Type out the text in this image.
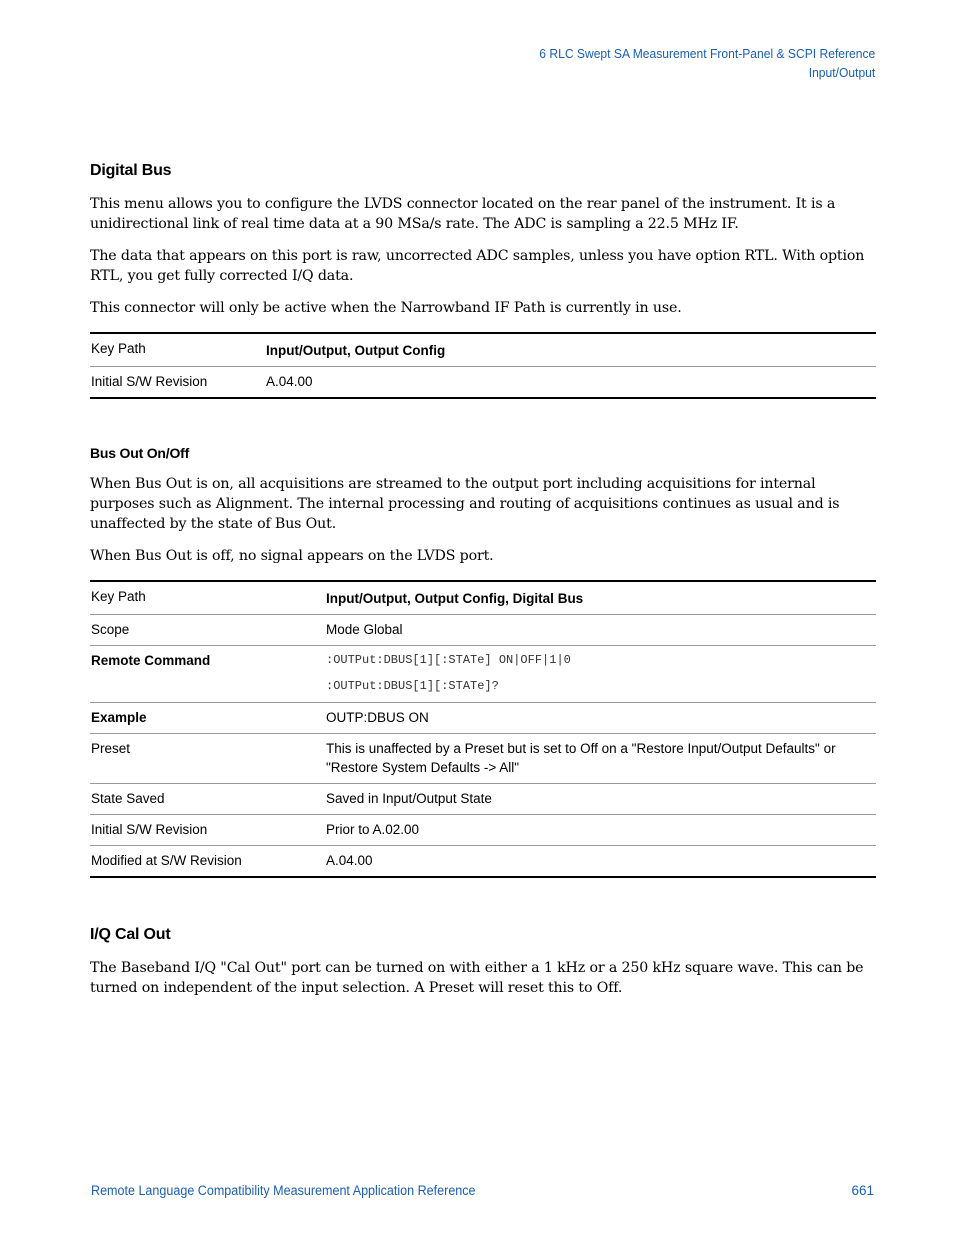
6 RLC Swept SA Measurement Front-Panel & SCPI Reference
Input/Output
Digital Bus

This menu allows you to configure the LVDS connector located on the rear panel of the instrument. It is a unidirectional link of real time data at a 90 MSa/s rate. The ADC is sampling a 22.5 MHz IF.

The data that appears on this port is raw, uncorrected ADC samples, unless you have option RTL. With option RTL, you get fully corrected I/Q data.

This connector will only be active when the Narrowband IF Path is currently in use.

Key Path	Input/Output, Output Config
Initial S/W Revision	A.04.00
Bus Out On/Off

When Bus Out is on, all acquisitions are streamed to the output port including acquisitions for internal purposes such as Alignment. The internal processing and routing of acquisitions continues as usual and is unaffected by the state of Bus Out.

When Bus Out is off, no signal appears on the LVDS port.

Key Path	Input/Output, Output Config, Digital Bus
Scope	Mode Global
Remote Command	:OUTPut:DBUS[1][:STATe] ON|OFF|1|0
:OUTPut:DBUS[1][:STATe]?

Example	OUTP:DBUS ON
Preset	This is unaffected by a Preset but is set to Off on a "Restore Input/Output Defaults" or "Restore System Defaults -> All"
State Saved	Saved in Input/Output State
Initial S/W Revision	Prior to A.02.00
Modified at S/W Revision	A.04.00
I/Q Cal Out

The Baseband I/Q "Cal Out" port can be turned on with either a 1 kHz or a 250 kHz square wave. This can be turned on independent of the input selection. A Preset will reset this to Off.

Remote Language Compatibility Measurement Application Reference	661
